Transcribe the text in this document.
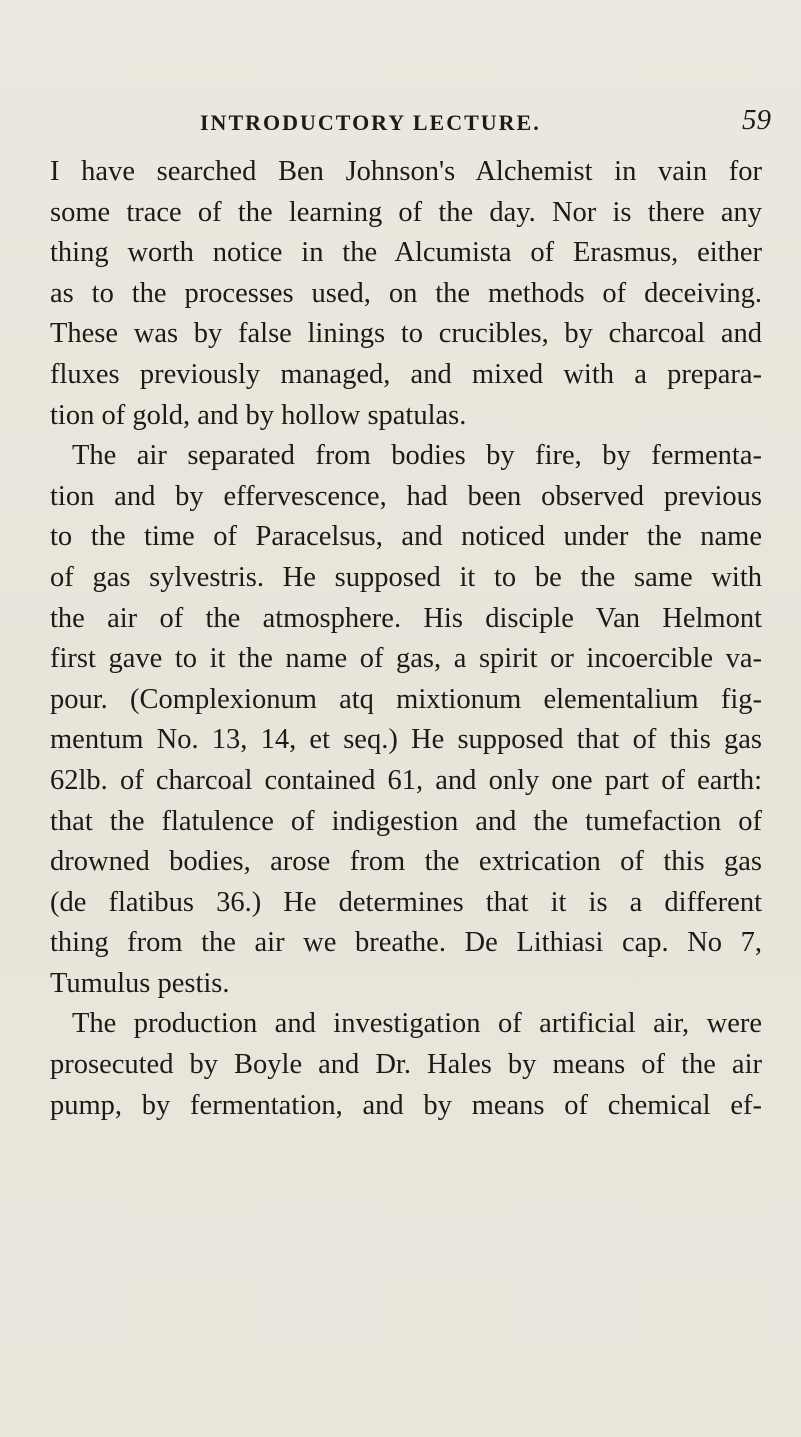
INTRODUCTORY LECTURE.	59
I have searched Ben Johnson's Alchemist in vain for
some trace of the learning of the day. Nor is there any
thing worth notice in the Alcumista of Erasmus, either
as to the processes used, on the methods of deceiving.
These was by false linings to crucibles, by charcoal and
fluxes previously managed, and mixed with a prepara-
tion of gold, and by hollow spatulas.
The air separated from bodies by fire, by fermenta-
tion and by effervescence, had been observed previous
to the time of Paracelsus, and noticed under the name
of gas sylvestris. He supposed it to be the same with
the air of the atmosphere. His disciple Van Helmont
first gave to it the name of gas, a spirit or incoercible va-
pour. (Complexionum atq mixtionum elementalium fig-
mentum No. 13, 14, et seq.) He supposed that of this gas
62lb. of charcoal contained 61, and only one part of earth:
that the flatulence of indigestion and the tumefaction of
drowned bodies, arose from the extrication of this gas
(de flatibus 36.) He determines that it is a different
thing from the air we breathe. De Lithiasi cap. No 7,
Tumulus pestis.
The production and investigation of artificial air, were
prosecuted by Boyle and Dr. Hales by means of the air
pump, by fermentation, and by means of chemical ef-
